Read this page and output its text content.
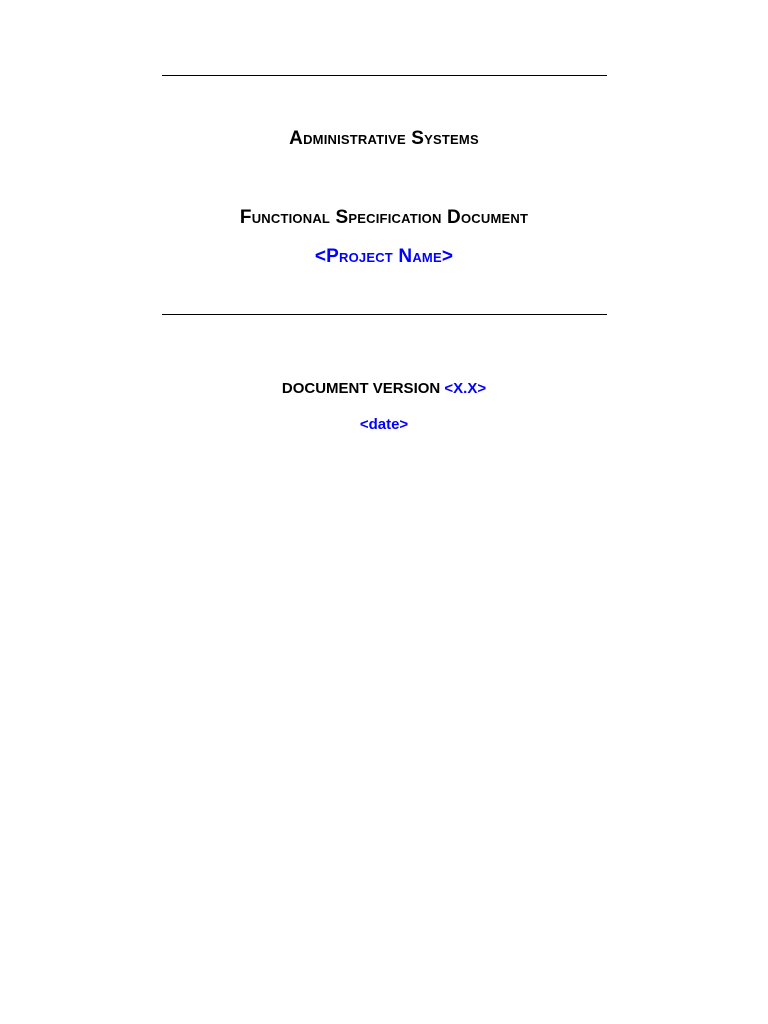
Administrative Systems
Functional Specification Document
<Project Name>
DOCUMENT VERSION <X.X>
<date>
